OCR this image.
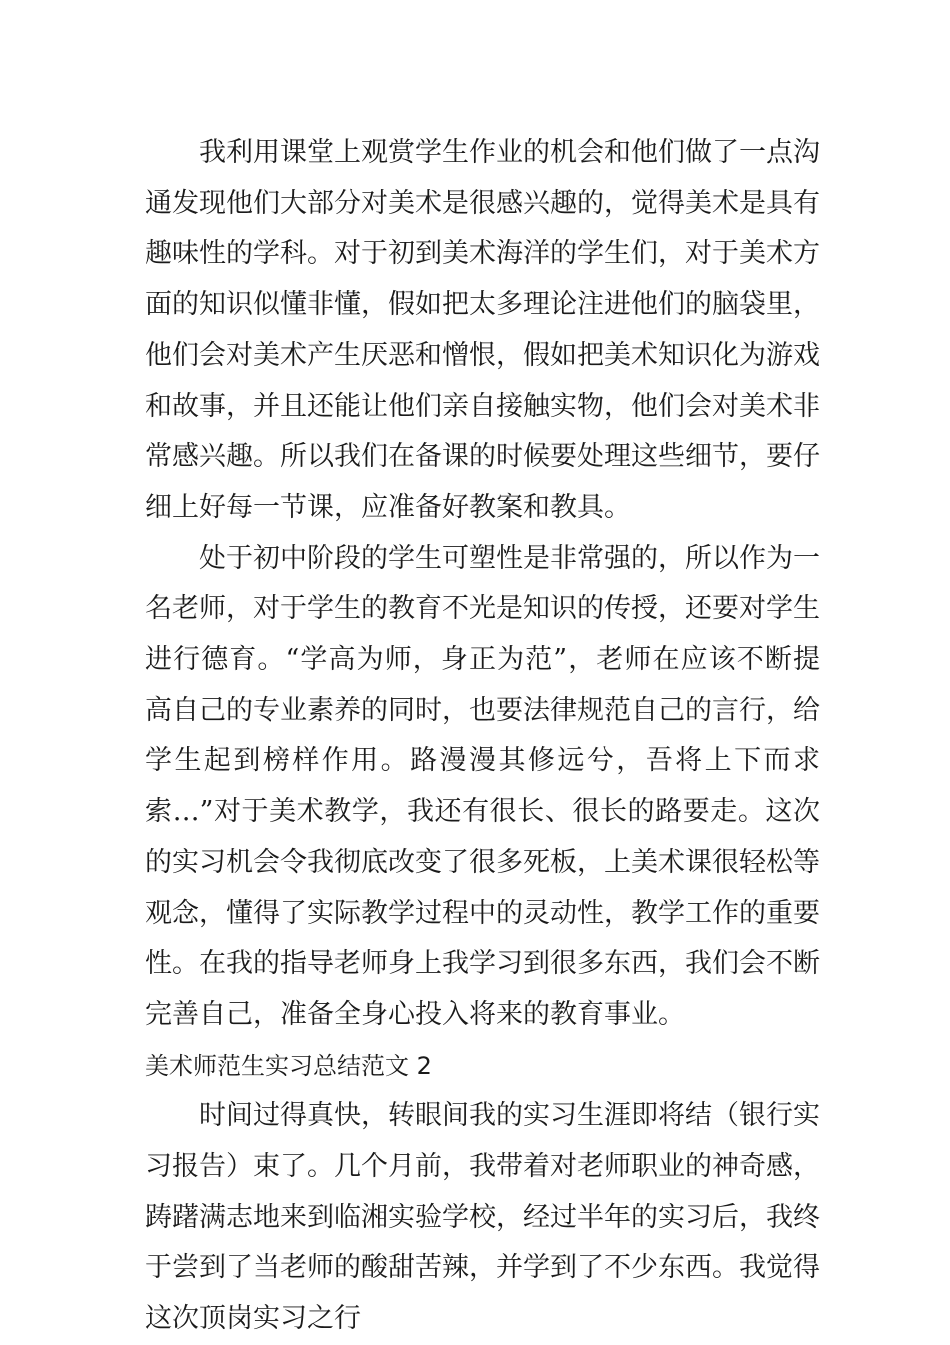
我利用课堂上观赏学生作业的机会和他们做了一点沟通发现他们大部分对美术是很感兴趣的，觉得美术是具有趣味性的学科。对于初到美术海洋的学生们，对于美术方面的知识似懂非懂，假如把太多理论注进他们的脑袋里，他们会对美术产生厌恶和憎恨，假如把美术知识化为游戏和故事，并且还能让他们亲自接触实物，他们会对美术非常感兴趣。所以我们在备课的时候要处理这些细节，要仔细上好每一节课，应准备好教案和教具。

处于初中阶段的学生可塑性是非常强的，所以作为一名老师，对于学生的教育不光是知识的传授，还要对学生进行德育。“学高为师，身正为范”，老师在应该不断提高自己的专业素养的同时，也要法律规范自己的言行，给学生起到榜样作用。路漫漫其修远兮，吾将上下而求索…”对于美术教学，我还有很长、很长的路要走。这次的实习机会令我彻底改变了很多死板，上美术课很轻松等观念，懂得了实际教学过程中的灵动性，教学工作的重要性。在我的指导老师身上我学习到很多东西，我们会不断完善自己，准备全身心投入将来的教育事业。

美术师范生实习总结范文 2

时间过得真快，转眼间我的实习生涯即将结（银行实习报告）束了。几个月前，我带着对老师职业的神奇感，踌躇满志地来到临湘实验学校，经过半年的实习后，我终于尝到了当老师的酸甜苦辣，并学到了不少东西。我觉得这次顶岗实习之行
